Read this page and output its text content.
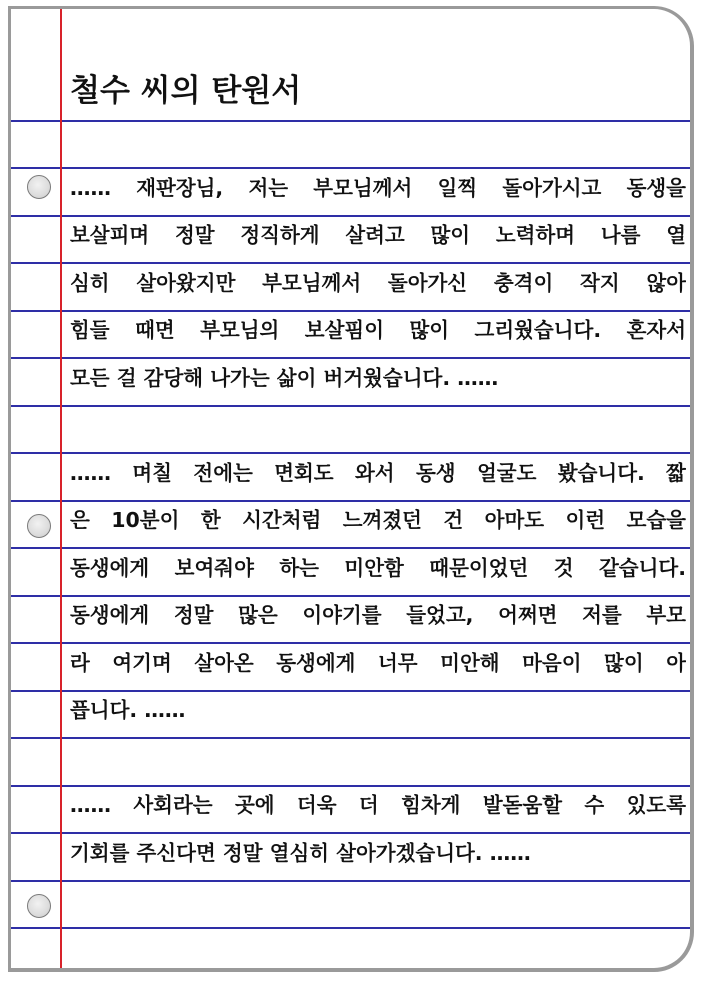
철수 씨의 탄원서
…… 재판장님, 저는 부모님께서 일찍 돌아가시고 동생을
보살피며 정말 정직하게 살려고 많이 노력하며 나름 열
심히 살아왔지만 부모님께서 돌아가신 충격이 작지 않아
힘들 때면 부모님의 보살핌이 많이 그리웠습니다. 혼자서
모든 걸 감당해 나가는 삶이 버거웠습니다. ……
…… 며칠 전에는 면회도 와서 동생 얼굴도 봤습니다. 짧
은 10분이 한 시간처럼 느껴졌던 건 아마도 이런 모습을
동생에게 보여줘야 하는 미안함 때문이었던 것 같습니다.
동생에게 정말 많은 이야기를 들었고, 어쩌면 저를 부모
라 여기며 살아온 동생에게 너무 미안해 마음이 많이 아
픕니다. ……
…… 사회라는 곳에 더욱 더 힘차게 발돋움할 수 있도록
기회를 주신다면 정말 열심히 살아가겠습니다. ……
